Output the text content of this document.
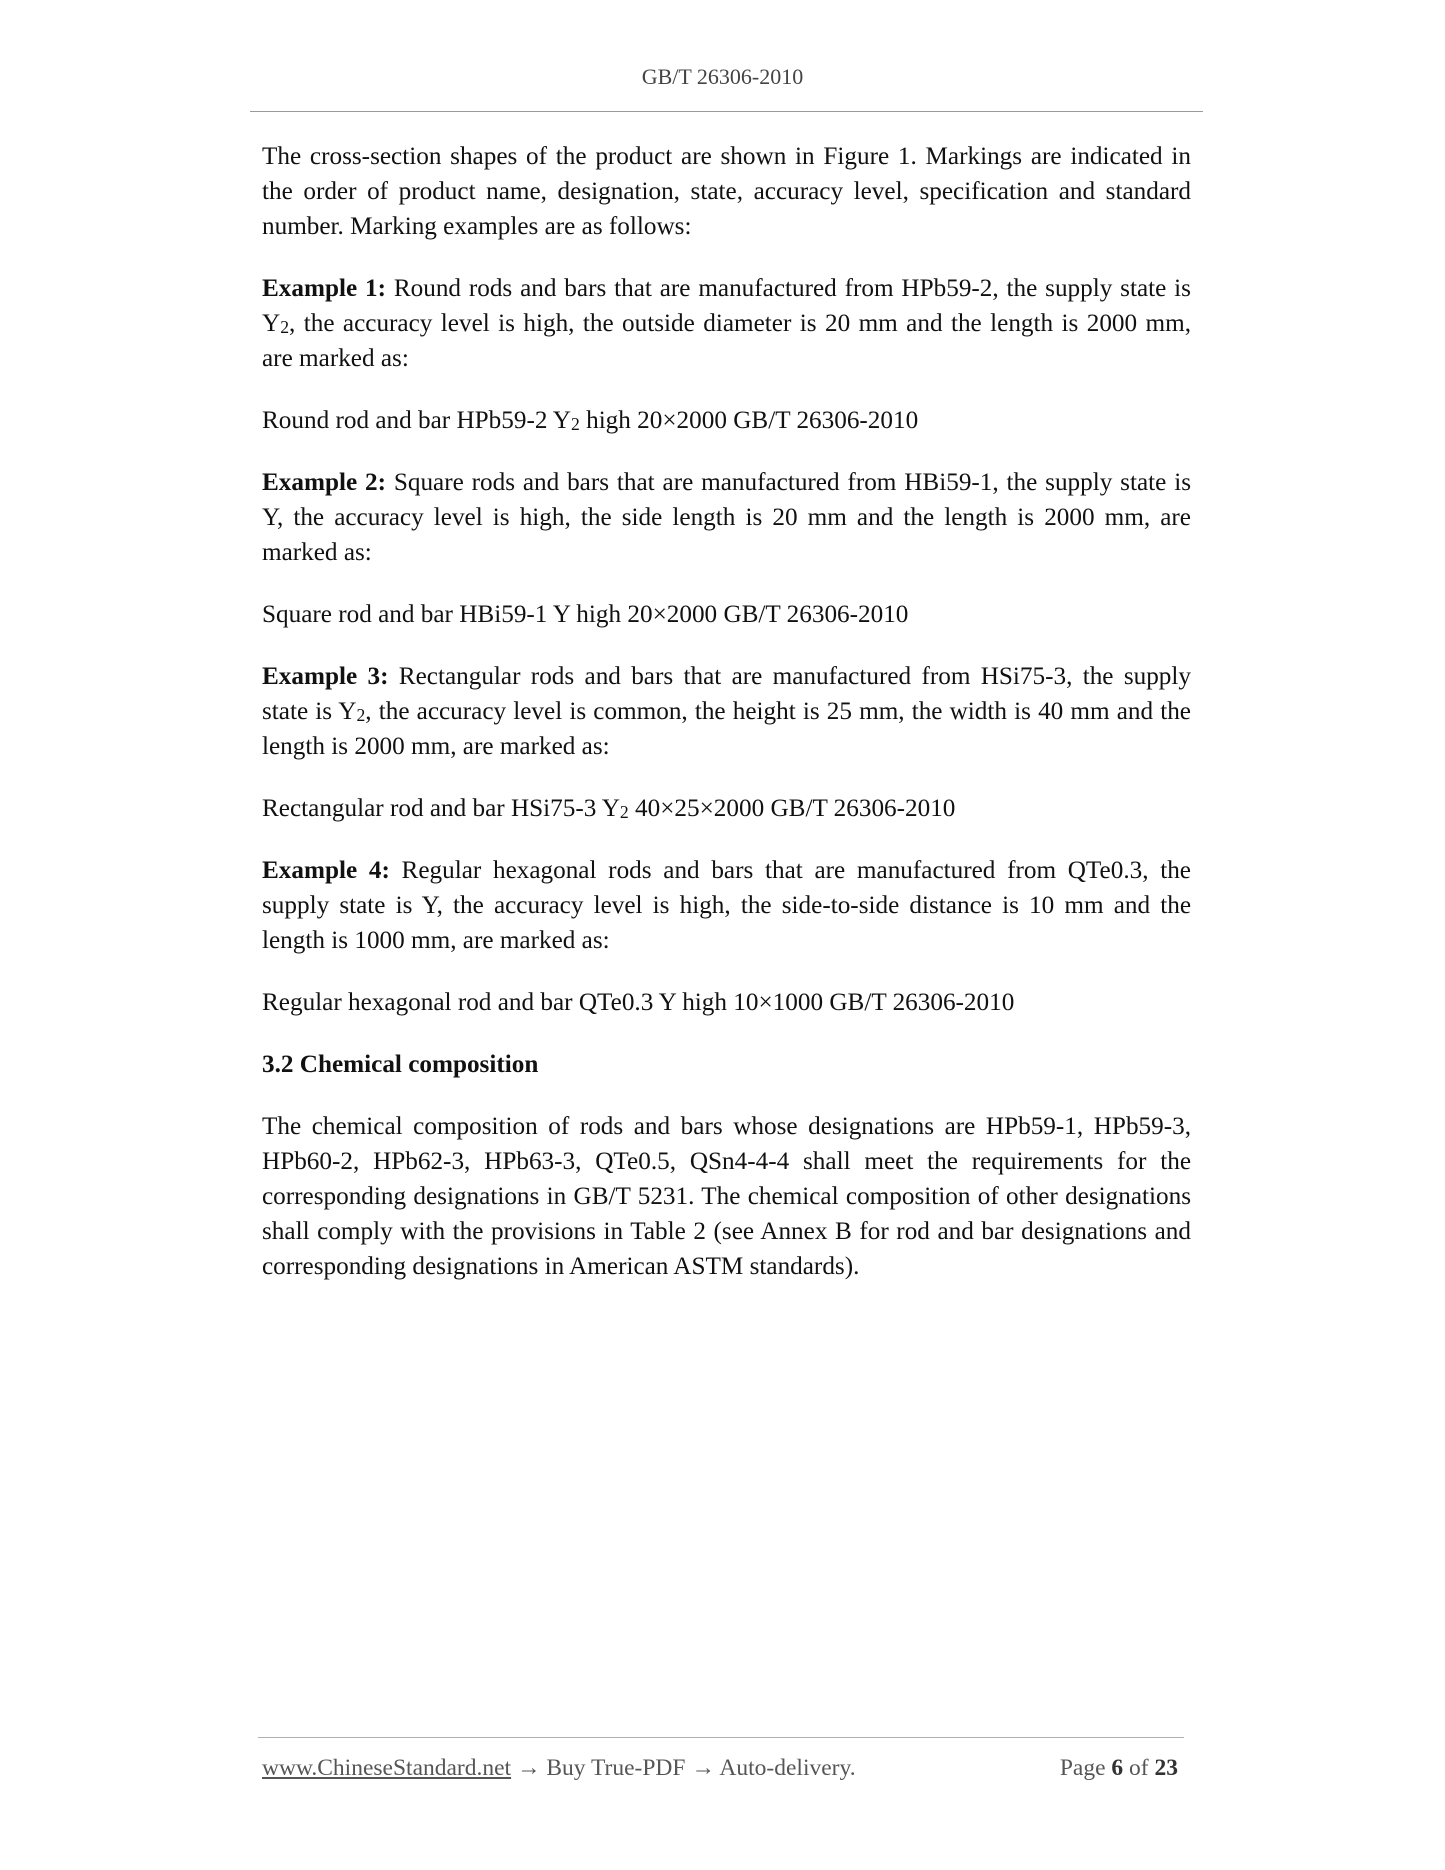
GB/T 26306-2010

The cross-section shapes of the product are shown in Figure 1. Markings are indicated in the order of product name, designation, state, accuracy level, specification and standard number. Marking examples are as follows:

Example 1: Round rods and bars that are manufactured from HPb59-2, the supply state is Y2, the accuracy level is high, the outside diameter is 20 mm and the length is 2000 mm, are marked as:

Round rod and bar HPb59-2 Y2 high 20×2000 GB/T 26306-2010

Example 2: Square rods and bars that are manufactured from HBi59-1, the supply state is Y, the accuracy level is high, the side length is 20 mm and the length is 2000 mm, are marked as:

Square rod and bar HBi59-1 Y high 20×2000 GB/T 26306-2010

Example 3: Rectangular rods and bars that are manufactured from HSi75-3, the supply state is Y2, the accuracy level is common, the height is 25 mm, the width is 40 mm and the length is 2000 mm, are marked as:

Rectangular rod and bar HSi75-3 Y2 40×25×2000 GB/T 26306-2010

Example 4: Regular hexagonal rods and bars that are manufactured from QTe0.3, the supply state is Y, the accuracy level is high, the side-to-side distance is 10 mm and the length is 1000 mm, are marked as:

Regular hexagonal rod and bar QTe0.3 Y high 10×1000 GB/T 26306-2010

3.2 Chemical composition

The chemical composition of rods and bars whose designations are HPb59-1, HPb59-3, HPb60-2, HPb62-3, HPb63-3, QTe0.5, QSn4-4-4 shall meet the requirements for the corresponding designations in GB/T 5231. The chemical composition of other designations shall comply with the provisions in Table 2 (see Annex B for rod and bar designations and corresponding designations in American ASTM standards).

www.ChineseStandard.net → Buy True-PDF → Auto-delivery.	Page 6 of 23
